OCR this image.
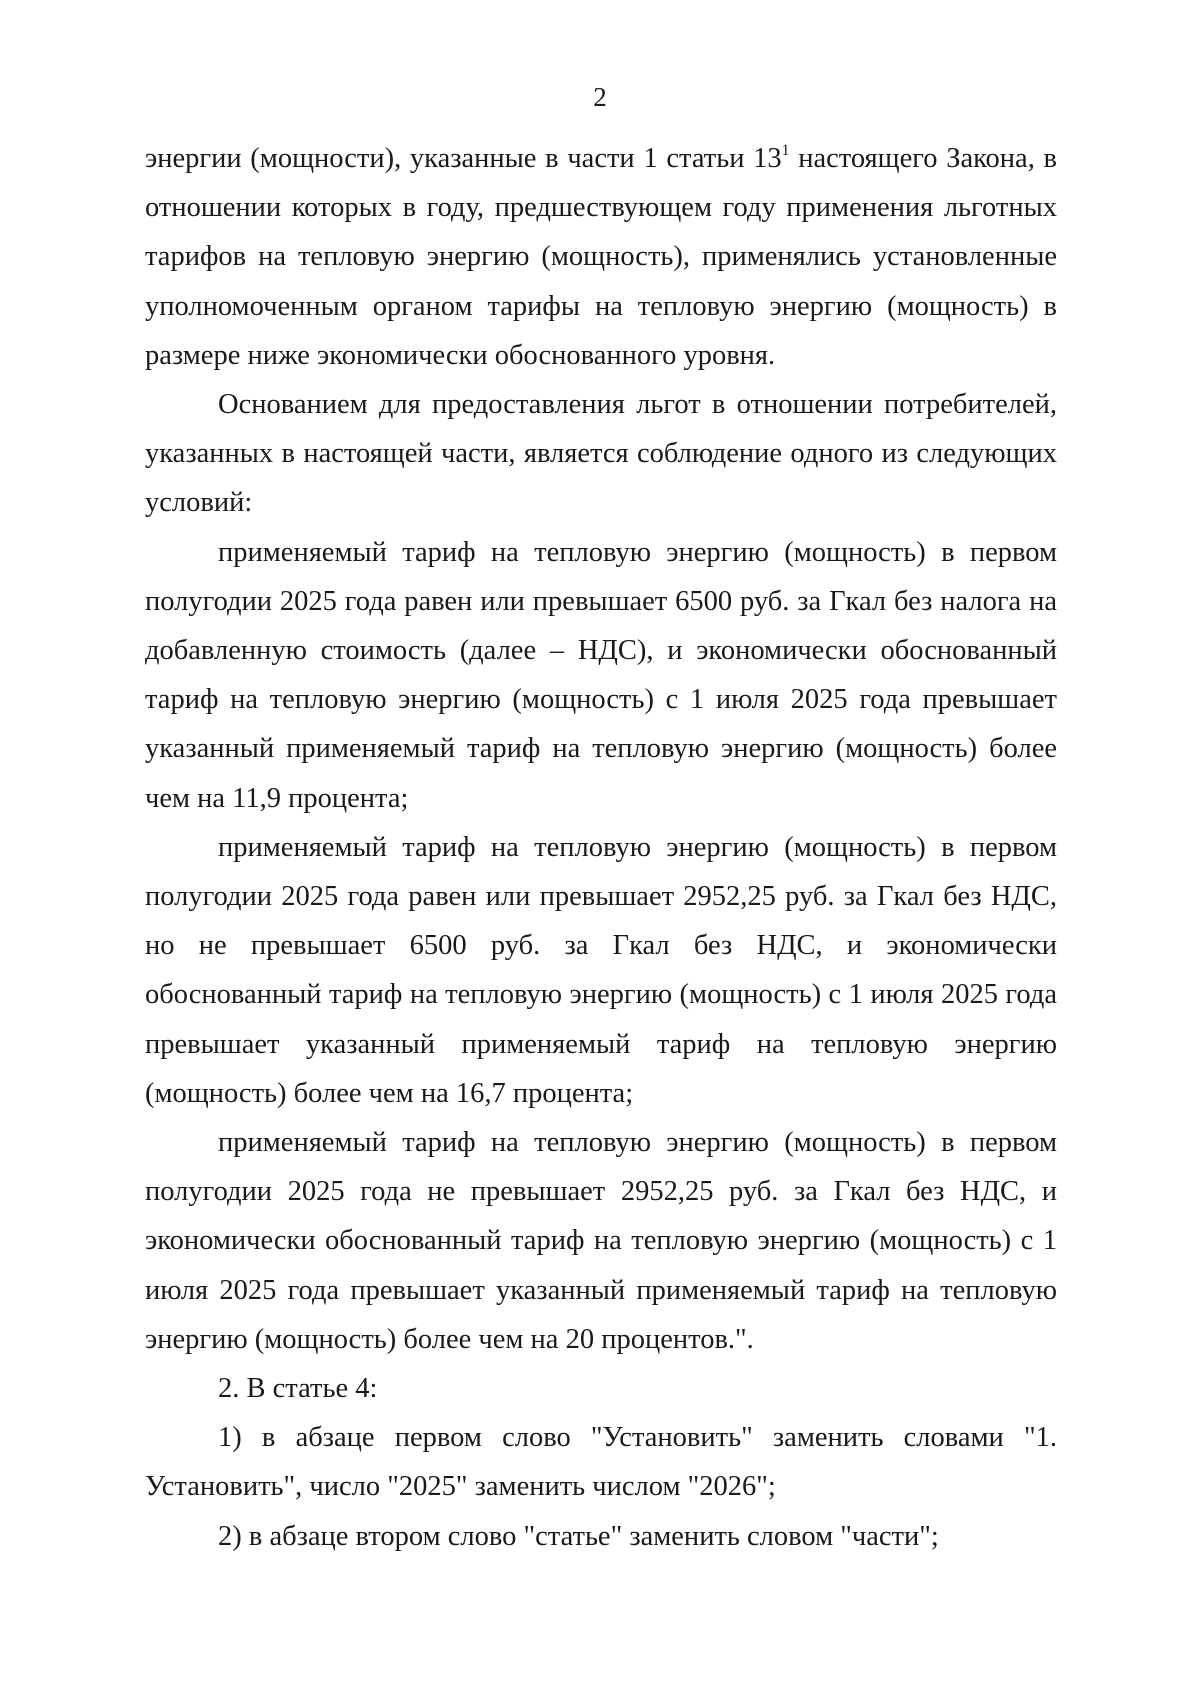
2

энергии (мощности), указанные в части 1 статьи $13^1$ настоящего Закона, в отношении которых в году, предшествующем году применения льготных тарифов на тепловую энергию (мощность), применялись установленные уполномоченным органом тарифы на тепловую энергию (мощность) в размере ниже экономически обоснованного уровня.

Основанием для предоставления льгот в отношении потребителей, указанных в настоящей части, является соблюдение одного из следующих условий:

применяемый тариф на тепловую энергию (мощность) в первом полугодии 2025 года равен или превышает 6500 руб. за Гкал без налога на добавленную стоимость (далее – НДС), и экономически обоснованный тариф на тепловую энергию (мощность) с 1 июля 2025 года превышает указанный применяемый тариф на тепловую энергию (мощность) более чем на 11,9 процента;

применяемый тариф на тепловую энергию (мощность) в первом полугодии 2025 года равен или превышает 2952,25 руб. за Гкал без НДС, но не превышает 6500 руб. за Гкал без НДС, и экономически обоснованный тариф на тепловую энергию (мощность) с 1 июля 2025 года превышает указанный применяемый тариф на тепловую энергию (мощность) более чем на 16,7 процента;

применяемый тариф на тепловую энергию (мощность) в первом полугодии 2025 года не превышает 2952,25 руб. за Гкал без НДС, и экономически обоснованный тариф на тепловую энергию (мощность) с 1 июля 2025 года превышает указанный применяемый тариф на тепловую энергию (мощность) более чем на 20 процентов.".

2. В статье 4:

1) в абзаце первом слово "Установить" заменить словами "1. Установить", число "2025" заменить числом "2026";

2) в абзаце втором слово "статье" заменить словом "части";
